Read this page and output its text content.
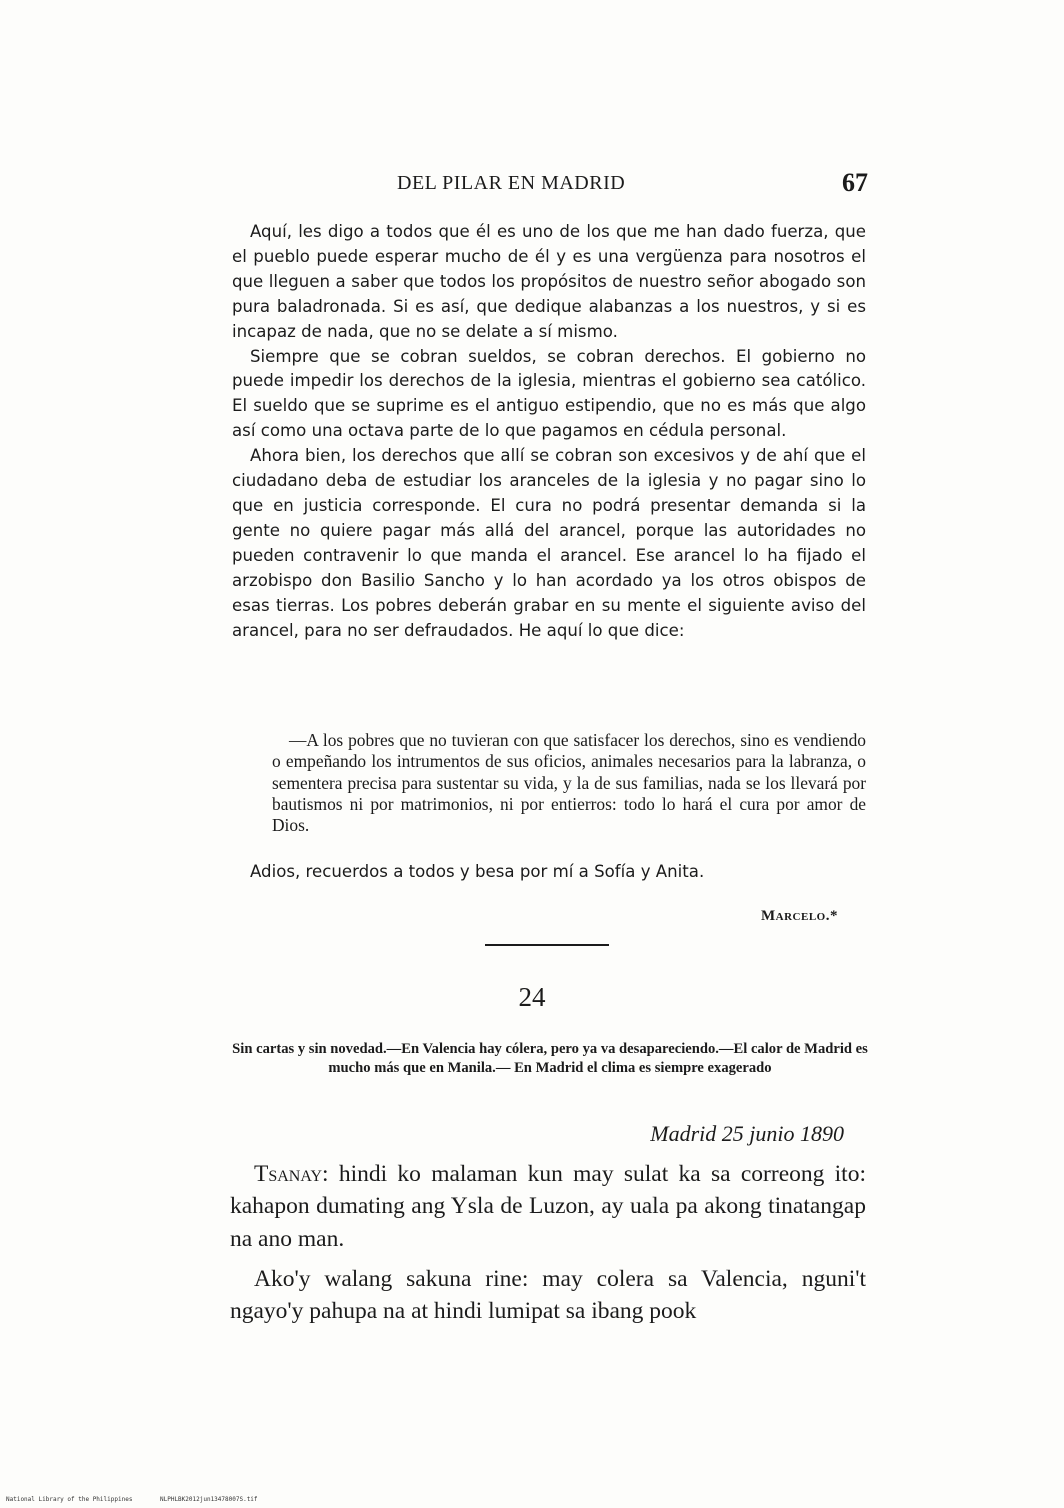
DEL PILAR EN MADRID	67

Aquí, les digo a todos que él es uno de los que me han dado fuerza, que el pueblo puede esperar mucho de él y es una vergüenza para nosotros el que lleguen a saber que todos los propósitos de nuestro señor abogado son pura baladronada. Si es así, que dedique alabanzas a los nuestros, y si es incapaz de nada, que no se delate a sí mismo.

Siempre que se cobran sueldos, se cobran derechos. El gobierno no puede impedir los derechos de la iglesia, mientras el gobierno sea católico. El sueldo que se suprime es el antiguo estipendio, que no es más que algo así como una octava parte de lo que pagamos en cédula personal.

Ahora bien, los derechos que allí se cobran son excesivos y de ahí que el ciudadano deba de estudiar los aranceles de la iglesia y no pagar sino lo que en justicia corresponde. El cura no podrá presentar demanda si la gente no quiere pagar más allá del arancel, porque las autoridades no pueden contravenir lo que manda el arancel. Ese arancel lo ha fijado el arzobispo don Basilio Sancho y lo han acordado ya los otros obispos de esas tierras. Los pobres deberán grabar en su mente el siguiente aviso del arancel, para no ser defraudados. He aquí lo que dice:

—A los pobres que no tuvieran con que satisfacer los derechos, sino es vendiendo o empeñando los intrumentos de sus oficios, animales necesarios para la labranza, o sementera precisa para sustentar su vida, y la de sus familias, nada se los llevará por bautismos ni por matrimonios, ni por entierros: todo lo hará el cura por amor de Dios.
Adios, recuerdos a todos y besa por mí a Sofía y Anita.
Marcelo.*
24
Sin cartas y sin novedad.—En Valencia hay cólera, pero ya va desapareciendo.—El calor de Madrid es mucho más que en Manila.— En Madrid el clima es siempre exagerado
Madrid 25 junio 1890

Tsanay: hindi ko malaman kun may sulat ka sa correong ito: kahapon dumating ang Ysla de Luzon, ay uala pa akong tinatangap na ano man.

Ako'y walang sakuna rine: may colera sa Valencia, nguni't ngayo'y pahupa na at hindi lumipat sa ibang pook

National Library of the Philippines	NLPHLBK2012jun13478007S.tif
